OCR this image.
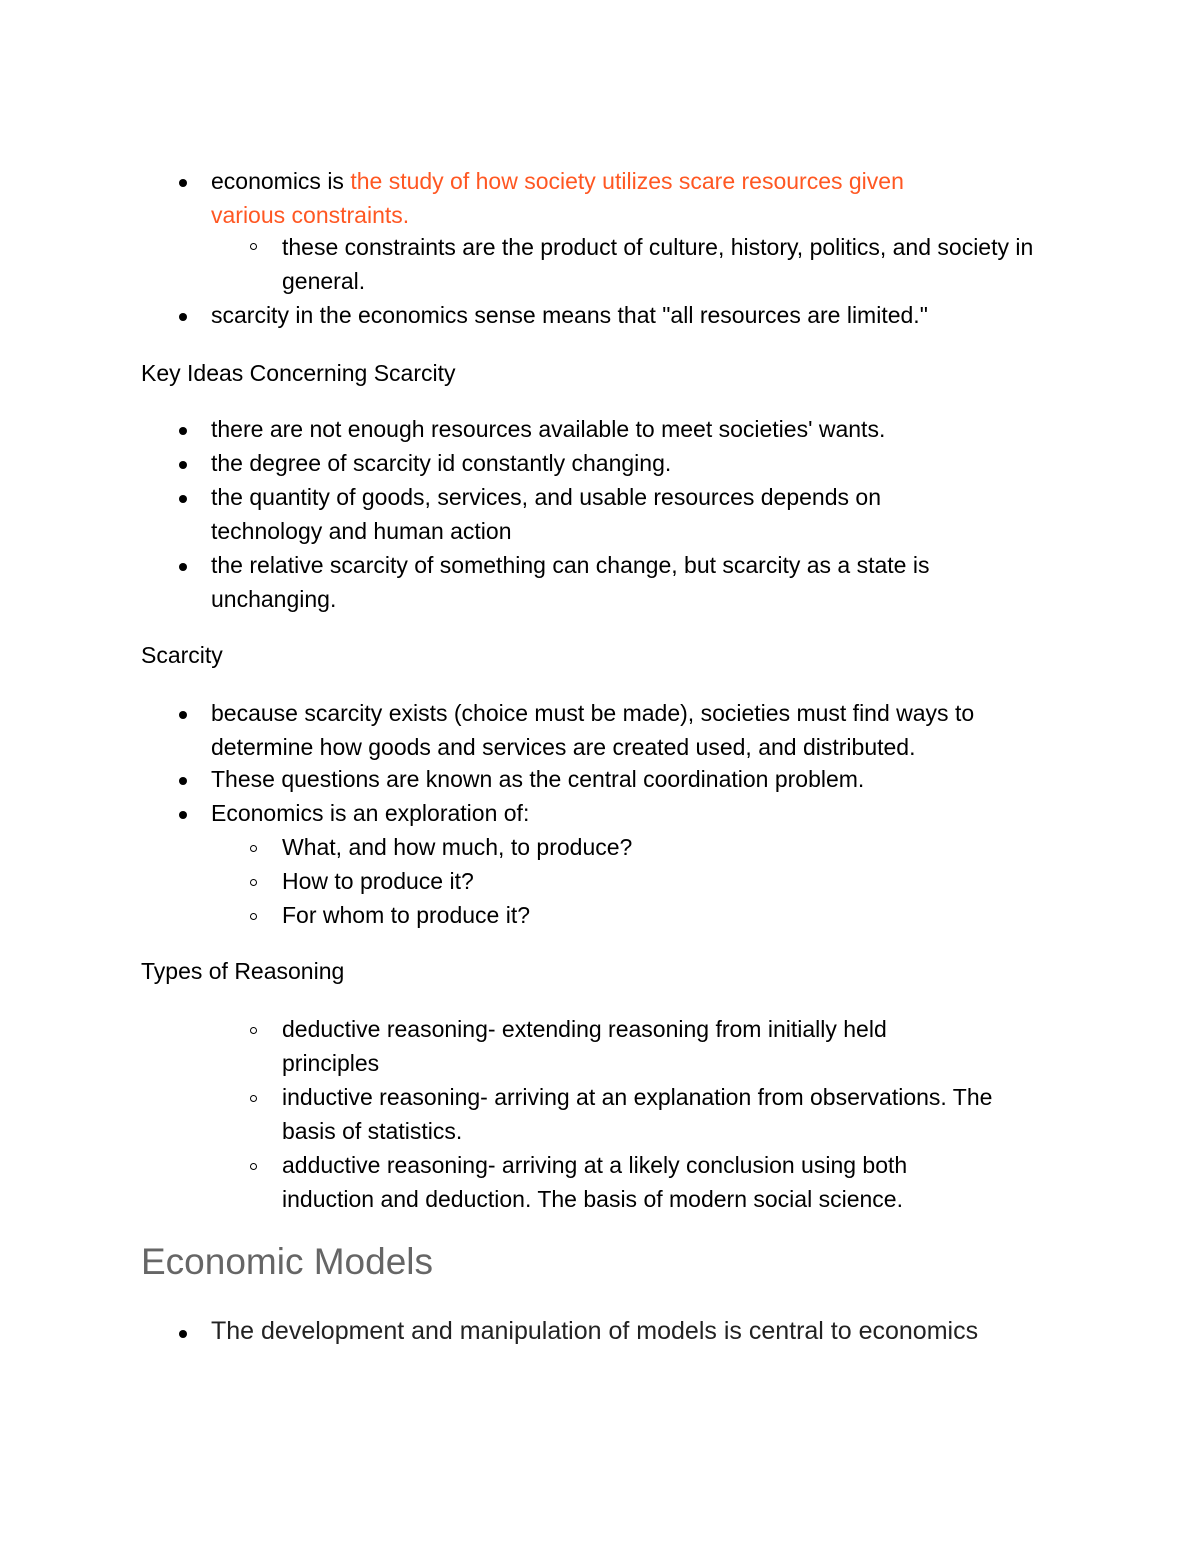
economics is the study of how society utilizes scare resources given
various constraints.
these constraints are the product of culture, history, politics, and society in general.
scarcity in the economics sense means that "all resources are limited."
Key Ideas Concerning Scarcity
there are not enough resources available to meet societies' wants.
the degree of scarcity id constantly changing.
the quantity of goods, services, and usable resources depends on technology and human action
the relative scarcity of something can change, but scarcity as a state is unchanging.
Scarcity
because scarcity exists (choice must be made), societies must find ways to determine how goods and services are created used, and distributed.
These questions are known as the central coordination problem.
Economics is an exploration of:
What, and how much, to produce?
How to produce it?
For whom to produce it?
Types of Reasoning
deductive reasoning- extending reasoning from initially held principles
inductive reasoning- arriving at an explanation from observations. The basis of statistics.
adductive reasoning- arriving at a likely conclusion using both induction and deduction. The basis of modern social science.
Economic Models
The development and manipulation of models is central to economics
